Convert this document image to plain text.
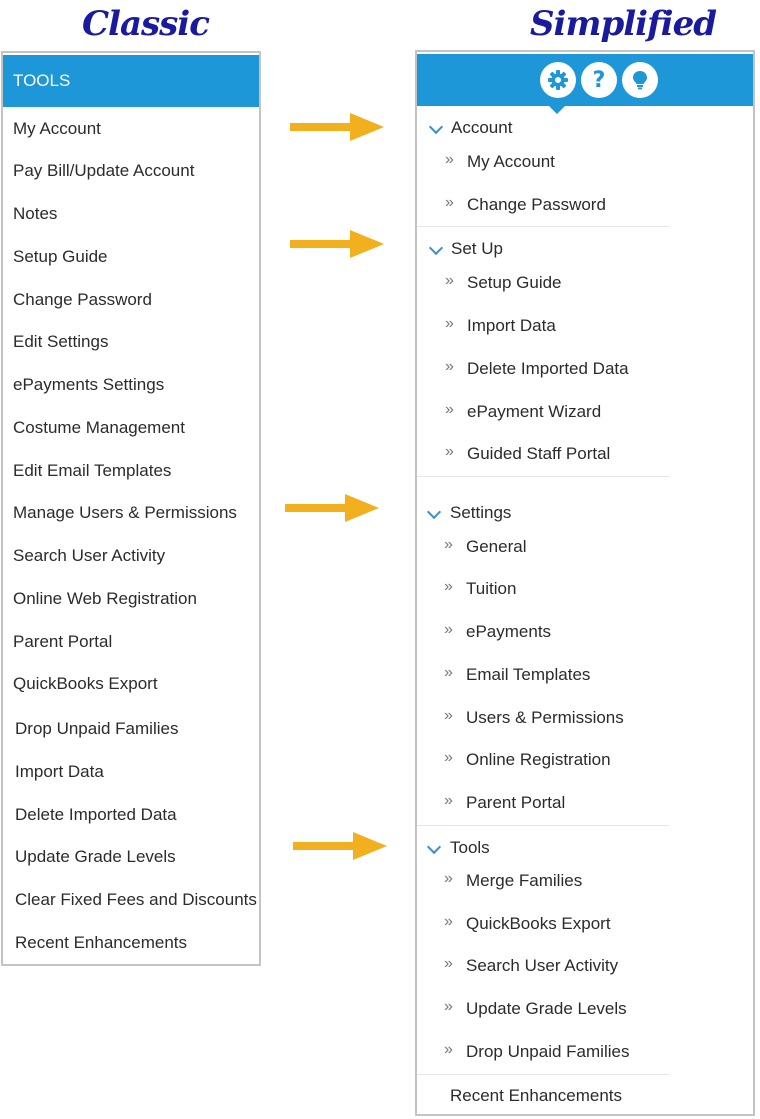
Classic	Simplified
TOOLS
My Account
Pay Bill/Update Account
Notes
Setup Guide
Change Password
Edit Settings
ePayments Settings
Costume Management
Edit Email Templates
Manage Users & Permissions
Search User Activity
Online Web Registration
Parent Portal
QuickBooks Export
Drop Unpaid Families
Import Data
Delete Imported Data
Update Grade Levels
Clear Fixed Fees and Discounts
Recent Enhancements
?
Account
» My Account
» Change Password
Set Up
» Setup Guide
» Import Data
» Delete Imported Data
» ePayment Wizard
» Guided Staff Portal
Settings
» General
» Tuition
» ePayments
» Email Templates
» Users & Permissions
» Online Registration
» Parent Portal
Tools
» Merge Families
» QuickBooks Export
» Search User Activity
» Update Grade Levels
» Drop Unpaid Families
Recent Enhancements
